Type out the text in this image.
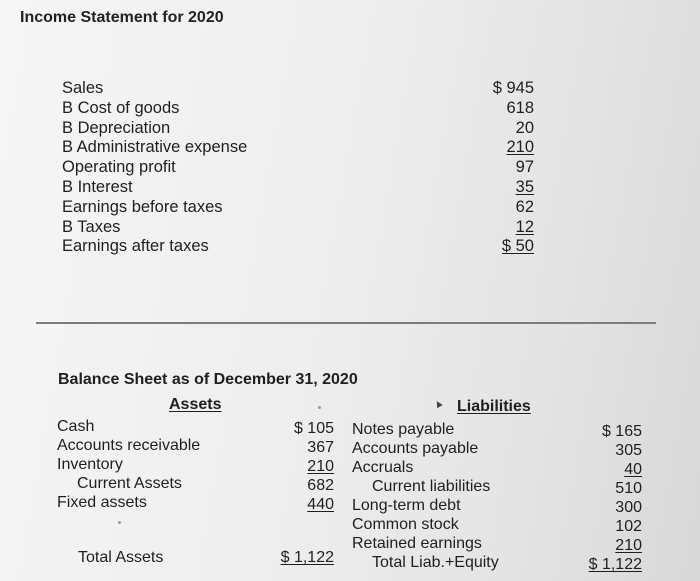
Income Statement for 2020
Sales
B Cost of goods
B Depreciation
B Administrative expense
Operating profit
B Interest
Earnings before taxes
B Taxes
Earnings after taxes
$ 945
618
20
210
97
35
62
12
$ 50
Balance Sheet as of December 31, 2020
Assets	▲ Liabilities
Cash
Accounts receivable
Inventory
Current Assets
Fixed assets
$ 105
367
210
682
440
Total Assets	$ 1,122
Notes payable
Accounts payable
Accruals
Current liabilities
Long-term debt
Common stock
Retained earnings
Total Liab.+Equity
$ 165
305
40
510
300
102
210
$ 1,122
